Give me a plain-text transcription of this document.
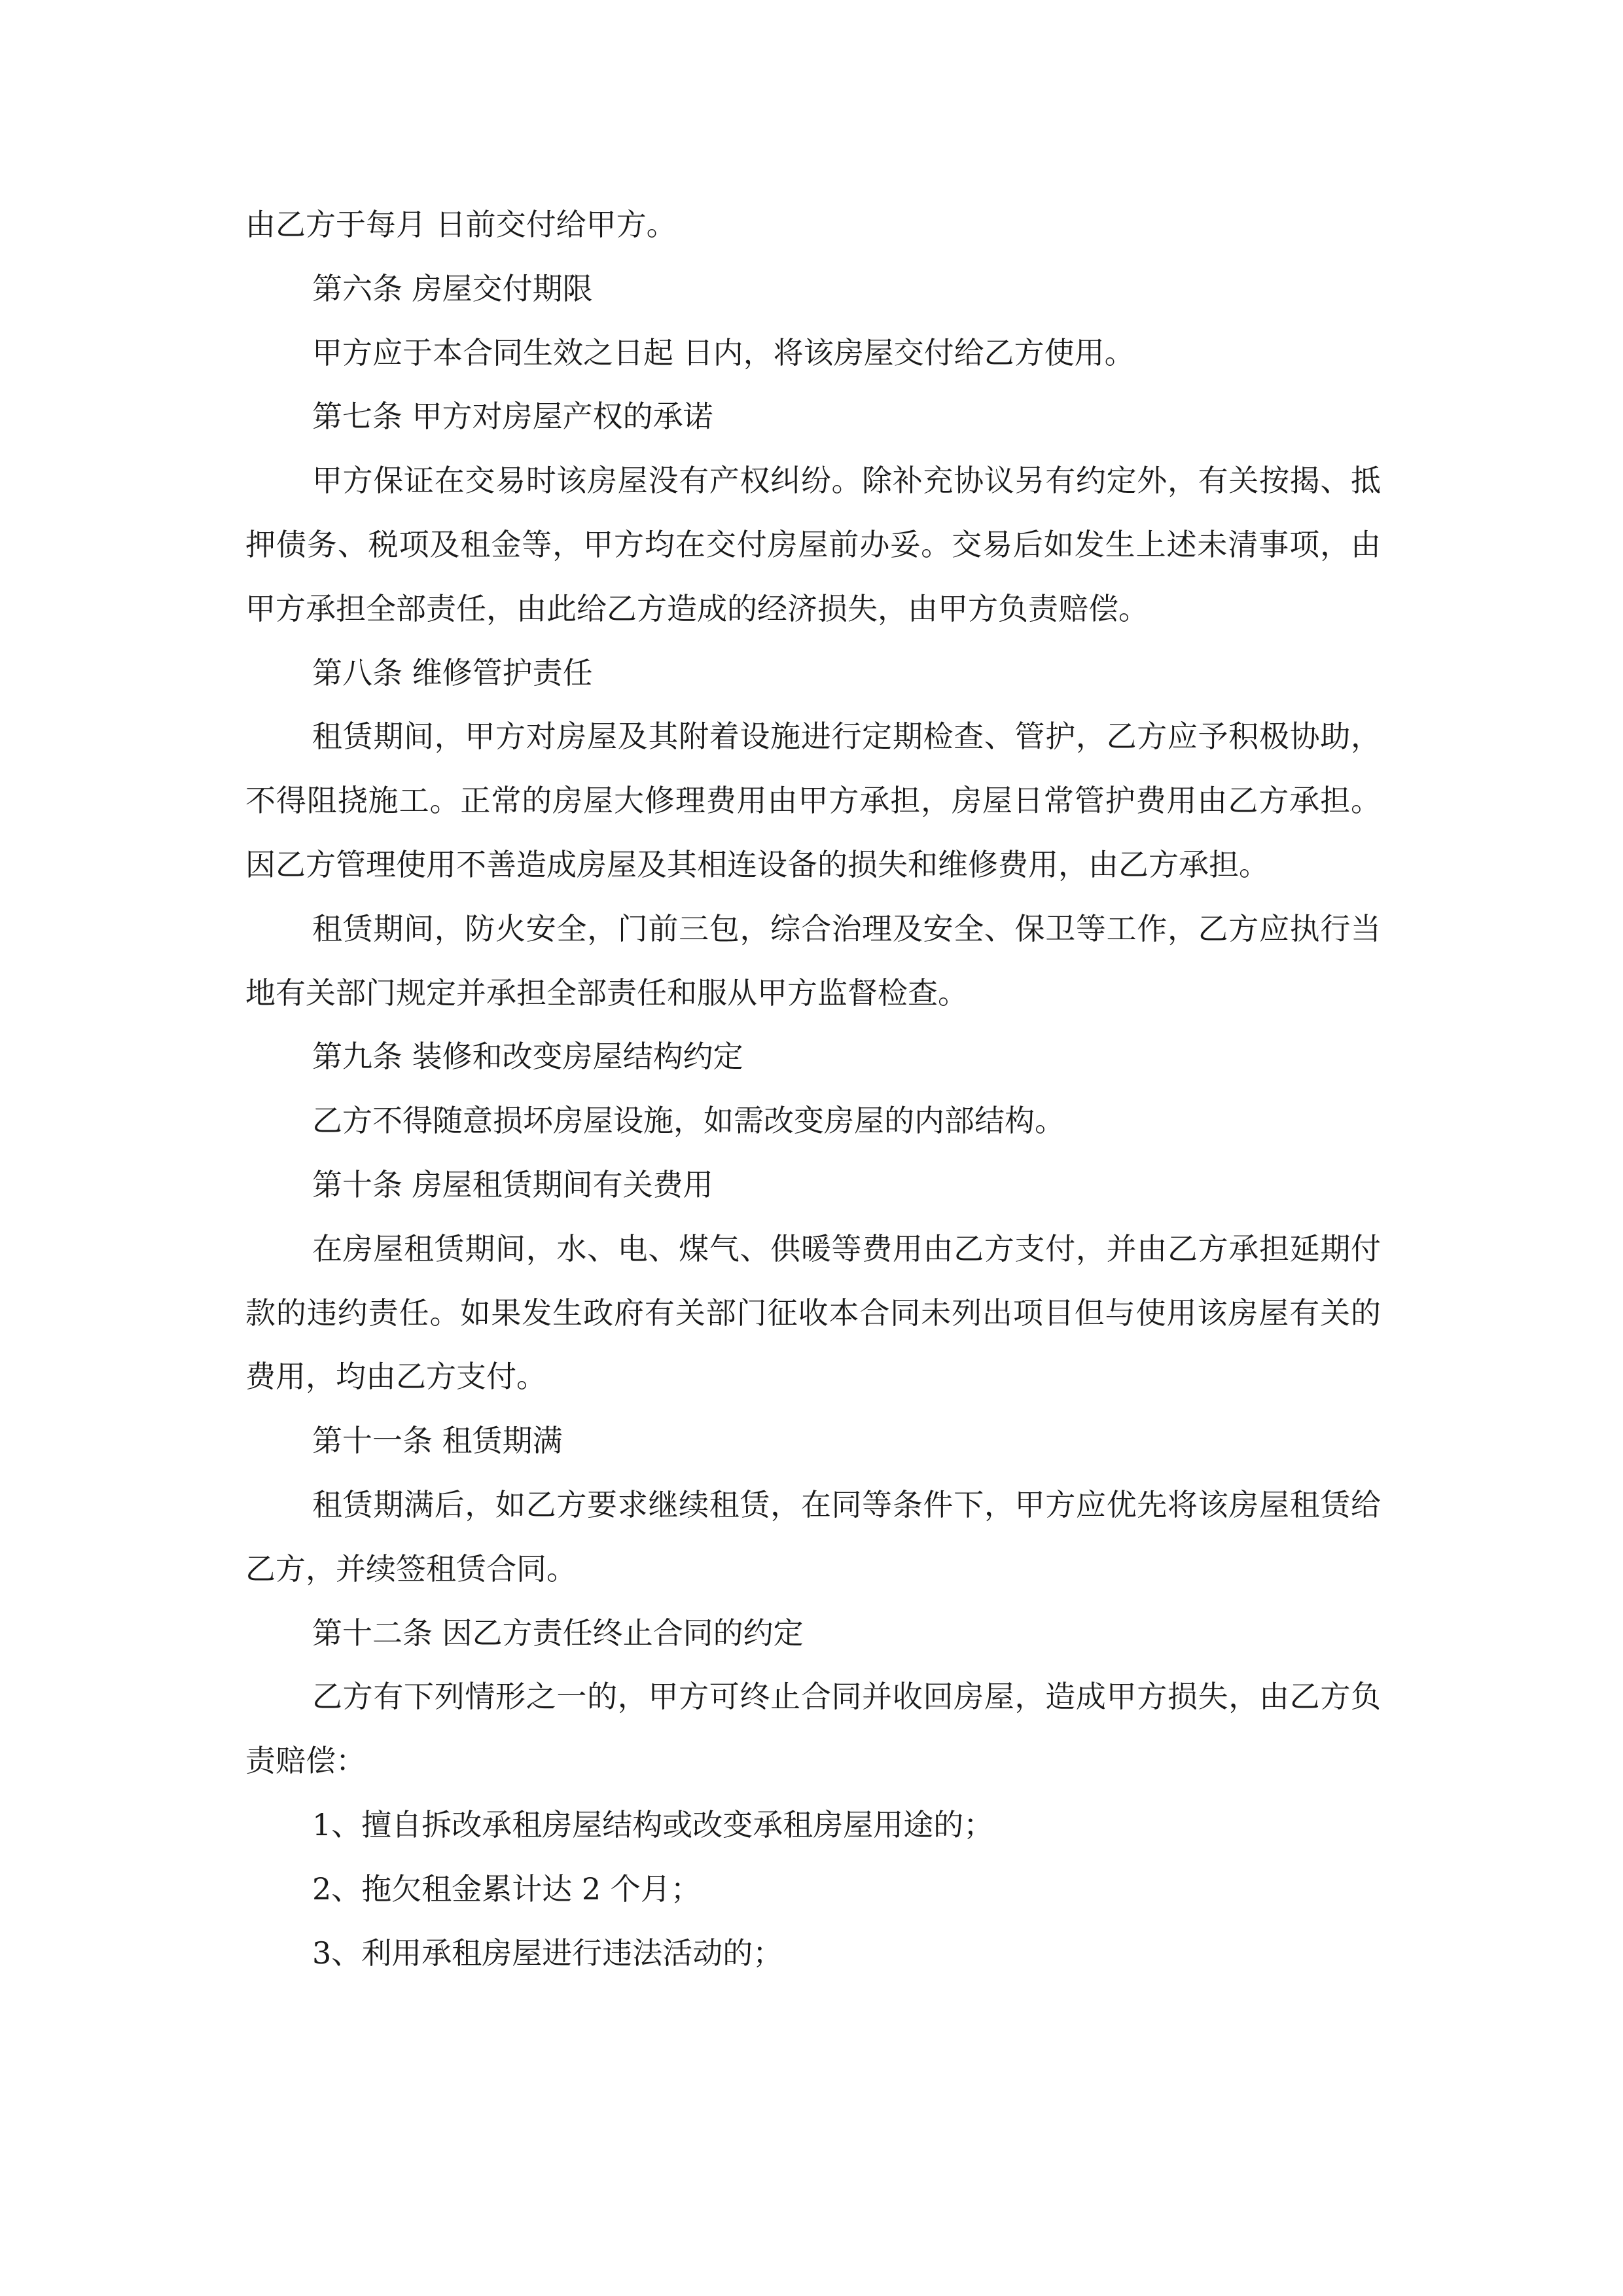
由乙方于每月 日前交付给甲方。

第六条 房屋交付期限

甲方应于本合同生效之日起 日内，将该房屋交付给乙方使用。

第七条 甲方对房屋产权的承诺

甲方保证在交易时该房屋没有产权纠纷。除补充协议另有约定外，有关按揭、抵押债务、税项及租金等，甲方均在交付房屋前办妥。交易后如发生上述未清事项，由甲方承担全部责任，由此给乙方造成的经济损失，由甲方负责赔偿。

第八条 维修管护责任

租赁期间，甲方对房屋及其附着设施进行定期检查、管护，乙方应予积极协助，不得阻挠施工。正常的房屋大修理费用由甲方承担，房屋日常管护费用由乙方承担。因乙方管理使用不善造成房屋及其相连设备的损失和维修费用，由乙方承担。

租赁期间，防火安全，门前三包，综合治理及安全、保卫等工作，乙方应执行当地有关部门规定并承担全部责任和服从甲方监督检查。

第九条 装修和改变房屋结构约定

乙方不得随意损坏房屋设施，如需改变房屋的内部结构。

第十条 房屋租赁期间有关费用

在房屋租赁期间，水、电、煤气、供暖等费用由乙方支付，并由乙方承担延期付款的违约责任。如果发生政府有关部门征收本合同未列出项目但与使用该房屋有关的费用，均由乙方支付。

第十一条 租赁期满

租赁期满后，如乙方要求继续租赁，在同等条件下，甲方应优先将该房屋租赁给乙方，并续签租赁合同。

第十二条 因乙方责任终止合同的约定

乙方有下列情形之一的，甲方可终止合同并收回房屋，造成甲方损失，由乙方负责赔偿：

1、擅自拆改承租房屋结构或改变承租房屋用途的；

2、拖欠租金累计达 2 个月；

3、利用承租房屋进行违法活动的；
